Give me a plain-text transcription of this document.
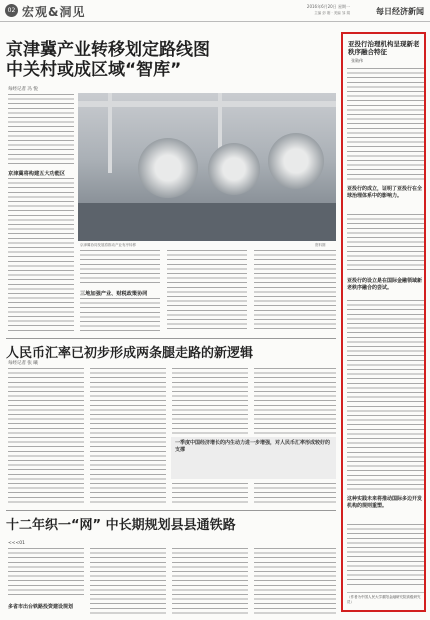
02 宏观&洞见	2016年6月20日 星期一
主编 彭 刚 · 美编 邹 娟	每日经济新闻
京津冀产业转移划定路线图
中关村或成区域“智库”
每经记者 冯 悦
京津冀将构建五大功能区
京津冀协同发展将推动产业有序转移	资料图
三地加强产业、财税政策协同
人民币汇率已初步形成两条腿走路的新逻辑
每经记者 张 曦
一季度中国经济增长的内生动力进一步增强，对人民币汇率形成较好的支撑
十二年织一“网” 中长期规划县县通铁路
<<<01
多省市出台铁路投资建设规划
亚投行治理机构呈现新老秩序融合特征
张勋伟
亚投行的成立，证明了亚投行在全球治理体系中的影响力。
亚投行的设立是在国际金融领域新老秩序融合的尝试。
这种实践未来将推动国际多边开发机构的规则重塑。
（作者为中国人民大学重阳金融研究院高级研究员）
